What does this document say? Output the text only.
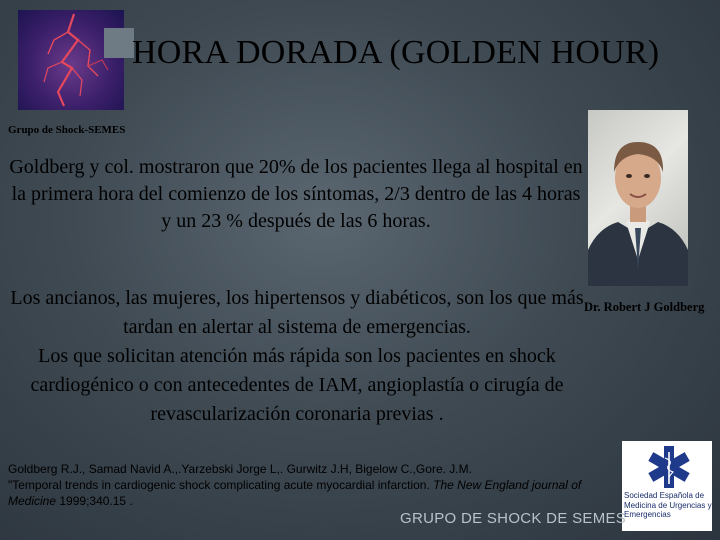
HORA DORADA (GOLDEN HOUR)
Grupo de Shock-SEMES
Goldberg y col. mostraron que 20% de los pacientes llega al hospital en la primera hora del comienzo de los síntomas, 2/3 dentro de las 4 horas y un 23 % después de las 6 horas.
Los ancianos, las mujeres, los hipertensos y diabéticos, son los que más tardan en alertar al sistema de emergencias.
Los que solicitan atención más rápida son los pacientes en shock cardiogénico o con antecedentes de IAM, angioplastía o cirugía de revascularización coronaria previas .
Dr. Robert J Goldberg
Goldberg R.J., Samad Navid A.,.Yarzebski Jorge L,. Gurwitz J.H, Bigelow C.,Gore. J.M.
"Temporal trends in cardiogenic shock complicating acute myocardial infarction. The New England journal of Medicine 1999;340.15 .	Sociedad Española de Medicina de Urgencias y Emergencias
GRUPO DE SHOCK DE SEMES
